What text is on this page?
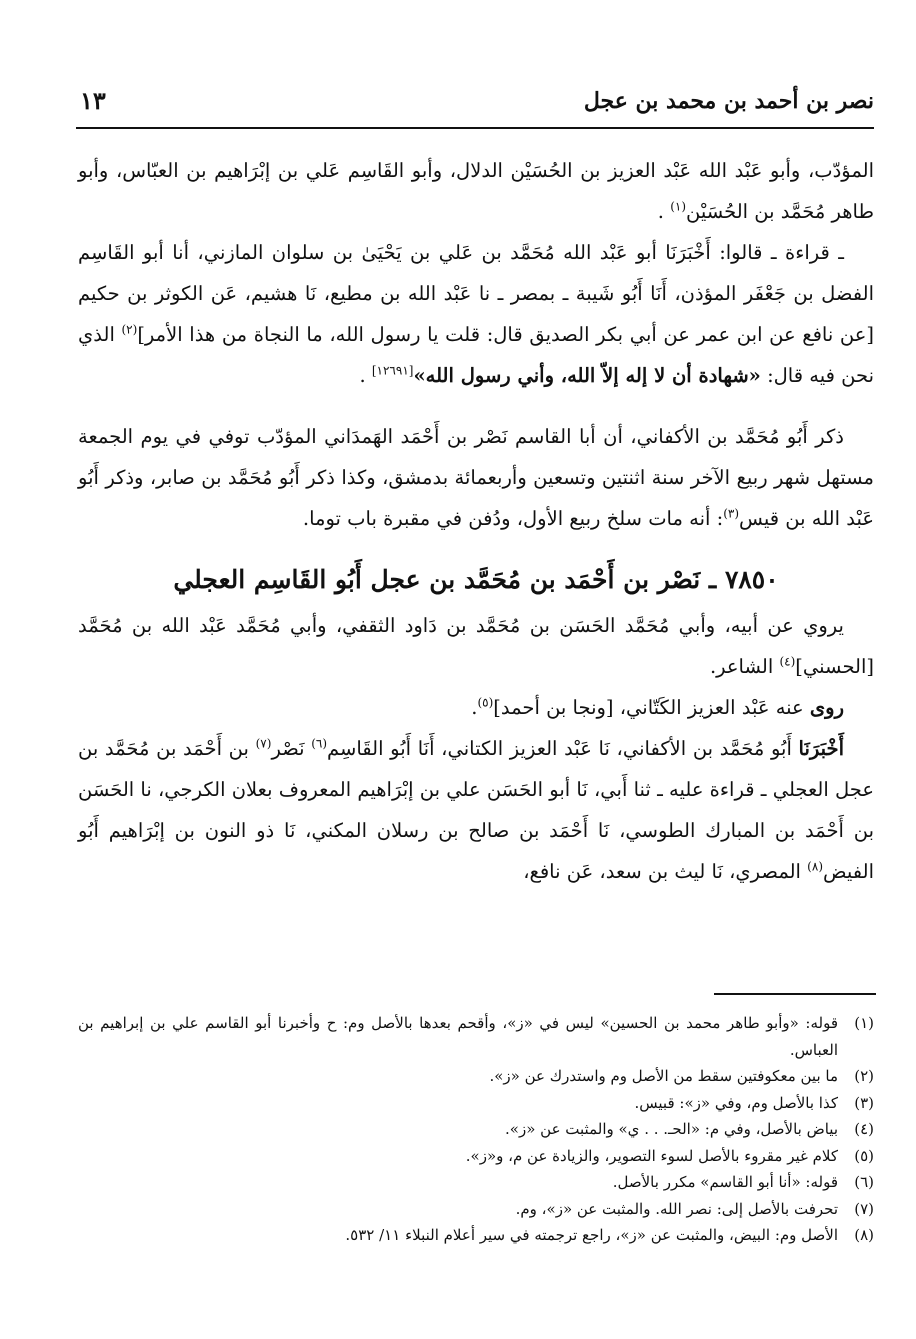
نصر بن أحمد بن محمد بن عجل
١٣

المؤدّب، وأبو عَبْد الله عَبْد العزيز بن الحُسَيْن الدلال، وأبو القَاسِم عَلي بن إبْرَاهيم بن العبّاس، وأبو طاهر مُحَمَّد بن الحُسَيْن$^{(١)}$ .

ـ قراءة ـ قالوا: أَخْبَرَنَا أبو عَبْد الله مُحَمَّد بن عَلي بن يَحْيَىٰ بن سلوان المازني، أنا أبو القَاسِم الفضل بن جَعْفَر المؤذن، أَنَا أَبُو شَيبة ـ بمصر ـ نا عَبْد الله بن مطيع، نَا هشيم، عَن الكوثر بن حكيم [عن نافع عن ابن عمر عن أبي بكر الصديق قال: قلت يا رسول الله، ما النجاة من هذا الأمر]$^{(٢)}$ الذي نحن فيه قال: «شهادة أن لا إله إلاّ الله، وأني رسول الله»[١٢٦٩١] .

ذكر أَبُو مُحَمَّد بن الأكفاني، أن أبا القاسم نَصْر بن أَحْمَد الهَمدَاني المؤدّب توفي في يوم الجمعة مستهل شهر ربيع الآخر سنة اثنتين وتسعين وأربعمائة بدمشق، وكذا ذكر أَبُو مُحَمَّد بن صابر، وذكر أَبُو عَبْد الله بن قيس$^{(٣)}$: أنه مات سلخ ربيع الأول، ودُفن في مقبرة باب توما.

٧٨٥٠ ـ نَصْر بن أَحْمَد بن مُحَمَّد بن عجل أَبُو القَاسِم العجلي

يروي عن أبيه، وأبي مُحَمَّد الحَسَن بن مُحَمَّد بن دَاود الثقفي، وأبي مُحَمَّد عَبْد الله بن مُحَمَّد [الحسني]$^{(٤)}$ الشاعر.

روى عنه عَبْد العزيز الكَتّاني، [ونجا بن أحمد]$^{(٥)}$.

أَخْبَرَنَا أَبُو مُحَمَّد بن الأكفاني، نَا عَبْد العزيز الكتاني، أَنَا أَبُو القَاسِم$^{(٦)}$ نَصْر$^{(٧)}$ بن أَحْمَد بن مُحَمَّد بن عجل العجلي ـ قراءة عليه ـ ثنا أَبي، نَا أبو الحَسَن علي بن إبْرَاهيم المعروف بعلان الكرجي، نا الحَسَن بن أَحْمَد بن المبارك الطوسي، نَا أَحْمَد بن صالح بن رسلان المكني، نَا ذو النون بن إبْرَاهيم أَبُو الفيض$^{(٨)}$ المصري، نَا ليث بن سعد، عَن نافع،

(١)
قوله: «وأبو طاهر محمد بن الحسين» ليس في «ز»، وأقحم بعدها بالأصل وم: ح وأخبرنا أبو القاسم علي بن إبراهيم بن العباس.
(٢)
ما بين معكوفتين سقط من الأصل وم واستدرك عن «ز».
(٣)
كذا بالأصل وم، وفي «ز»: قبيس.
(٤)
بياض بالأصل، وفي م: «الحـ. . . ي» والمثبت عن «ز».
(٥)
كلام غير مقروء بالأصل لسوء التصوير، والزيادة عن م، و«ز».
(٦)
قوله: «أنا أبو القاسم» مكرر بالأصل.
(٧)
تحرفت بالأصل إلى: نصر الله. والمثبت عن «ز»، وم.
(٨)
الأصل وم: البيض، والمثبت عن «ز»، راجع ترجمته في سير أعلام النبلاء ١١/ ٥٣٢.
